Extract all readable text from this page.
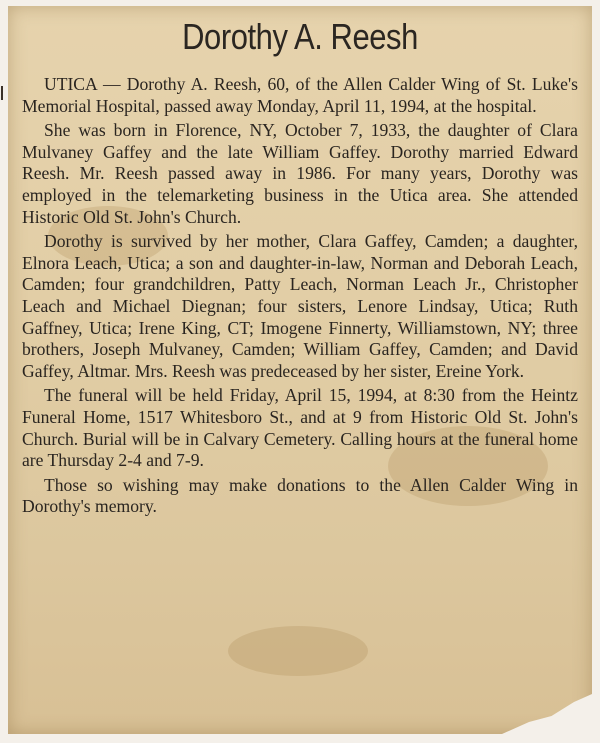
Dorothy A. Reesh

UTICA — Dorothy A. Reesh, 60, of the Allen Calder Wing of St. Luke's Memorial Hospital, passed away Monday, April 11, 1994, at the hospital.

She was born in Florence, NY, October 7, 1933, the daughter of Clara Mulvaney Gaffey and the late William Gaffey. Dorothy married Edward Reesh. Mr. Reesh passed away in 1986. For many years, Dorothy was employed in the telemarketing business in the Utica area. She attended Historic Old St. John's Church.

Dorothy is survived by her mother, Clara Gaffey, Camden; a daughter, Elnora Leach, Utica; a son and daughter-in-law, Norman and Deborah Leach, Camden; four grandchildren, Patty Leach, Norman Leach Jr., Christopher Leach and Michael Diegnan; four sisters, Lenore Lindsay, Utica; Ruth Gaffney, Utica; Irene King, CT; Imogene Finnerty, Williamstown, NY; three brothers, Joseph Mulvaney, Camden; William Gaffey, Camden; and David Gaffey, Altmar. Mrs. Reesh was predeceased by her sister, Ereine York.

The funeral will be held Friday, April 15, 1994, at 8:30 from the Heintz Funeral Home, 1517 Whitesboro St., and at 9 from Historic Old St. John's Church. Burial will be in Calvary Cemetery. Calling hours at the funeral home are Thursday 2-4 and 7-9.

Those so wishing may make donations to the Allen Calder Wing in Dorothy's memory.
